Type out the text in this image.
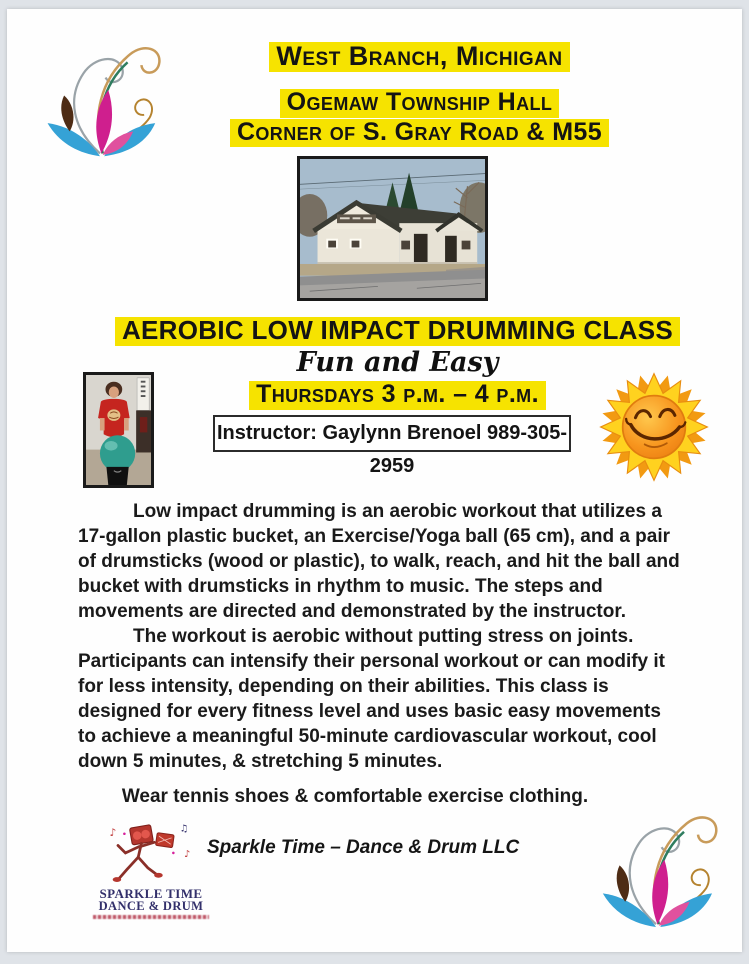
West Branch, Michigan
Ogemaw Township Hall
Corner of S. Gray Road & M55
AEROBIC LOW IMPACT DRUMMING CLASS
Fun and Easy
Thursdays 3 p.m. – 4 p.m.
Instructor: Gaylynn Brenoel 989-305-2959

Low impact drumming is an aerobic workout that utilizes a 17-gallon plastic bucket, an Exercise/Yoga ball (65 cm), and a pair of drumsticks (wood or plastic), to walk, reach, and hit the ball and bucket with drumsticks in rhythm to music. The steps and movements are directed and demonstrated by the instructor.

The workout is aerobic without putting stress on joints. Participants can intensify their personal workout or can modify it for less intensity, depending on their abilities. This class is designed for every fitness level and uses basic easy movements to achieve a meaningful 50-minute cardiovascular workout, cool down 5 minutes, & stretching 5 minutes.

Wear tennis shoes & comfortable exercise clothing.
♪	♫
♪
SPARKLE TIME
DANCE & DRUM
Sparkle Time – Dance & Drum LLC
